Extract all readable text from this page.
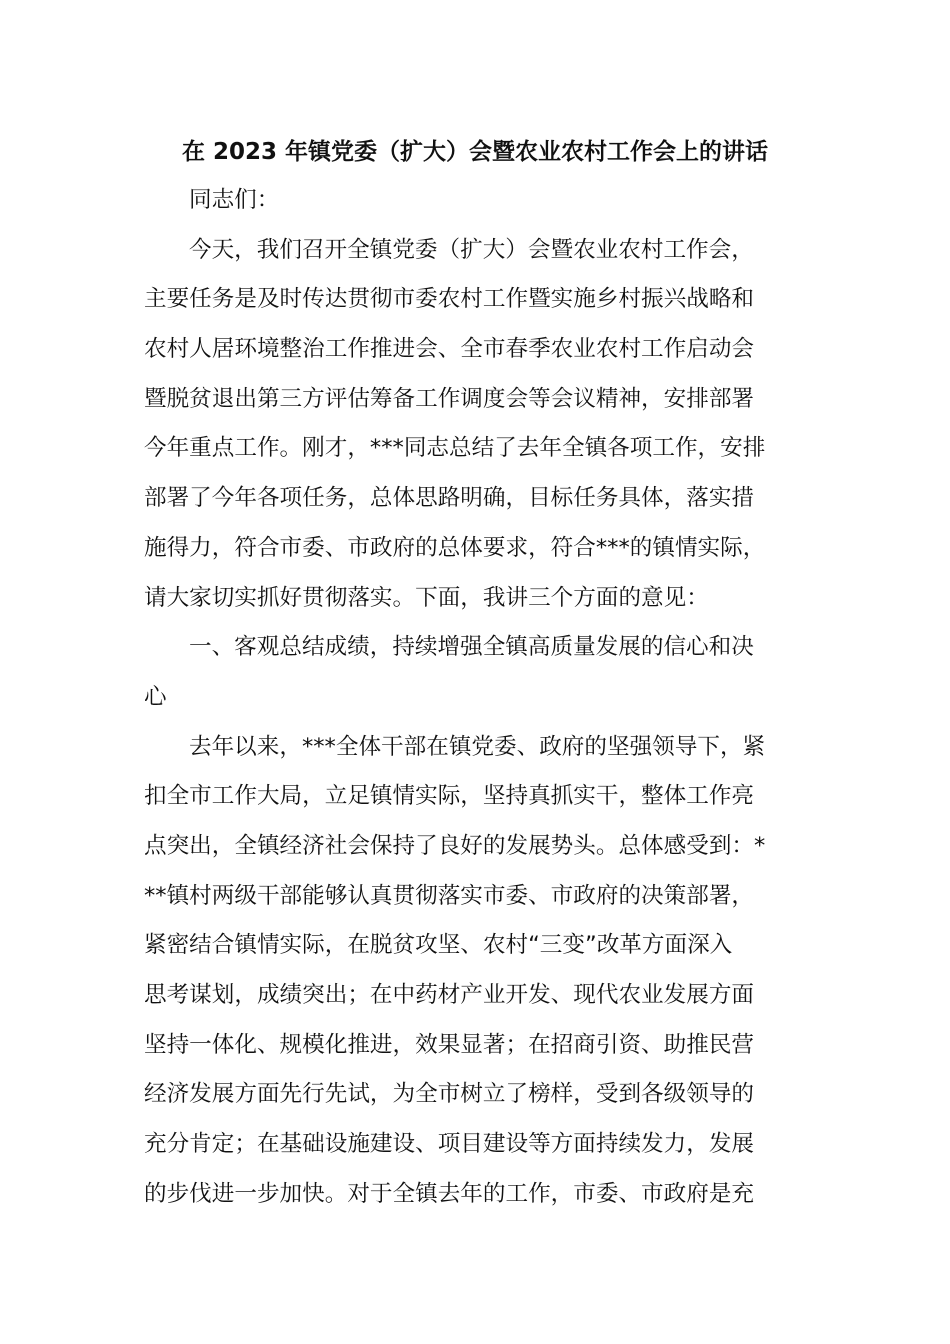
在 2023 年镇党委（扩大）会暨农业农村工作会上的讲话
同志们：
今天，我们召开全镇党委（扩大）会暨农业农村工作会，
主要任务是及时传达贯彻市委农村工作暨实施乡村振兴战略和
农村人居环境整治工作推进会、全市春季农业农村工作启动会
暨脱贫退出第三方评估筹备工作调度会等会议精神，安排部署
今年重点工作。刚才，***同志总结了去年全镇各项工作，安排
部署了今年各项任务，总体思路明确，目标任务具体，落实措
施得力，符合市委、市政府的总体要求，符合***的镇情实际，
请大家切实抓好贯彻落实。下面，我讲三个方面的意见：
一、客观总结成绩，持续增强全镇高质量发展的信心和决
心
去年以来，***全体干部在镇党委、政府的坚强领导下，紧
扣全市工作大局，立足镇情实际，坚持真抓实干，整体工作亮
点突出，全镇经济社会保持了良好的发展势头。总体感受到：*
**镇村两级干部能够认真贯彻落实市委、市政府的决策部署，
紧密结合镇情实际，在脱贫攻坚、农村“三变”改革方面深入
思考谋划，成绩突出；在中药材产业开发、现代农业发展方面
坚持一体化、规模化推进，效果显著；在招商引资、助推民营
经济发展方面先行先试，为全市树立了榜样，受到各级领导的
充分肯定；在基础设施建设、项目建设等方面持续发力，发展
的步伐进一步加快。对于全镇去年的工作，市委、市政府是充
